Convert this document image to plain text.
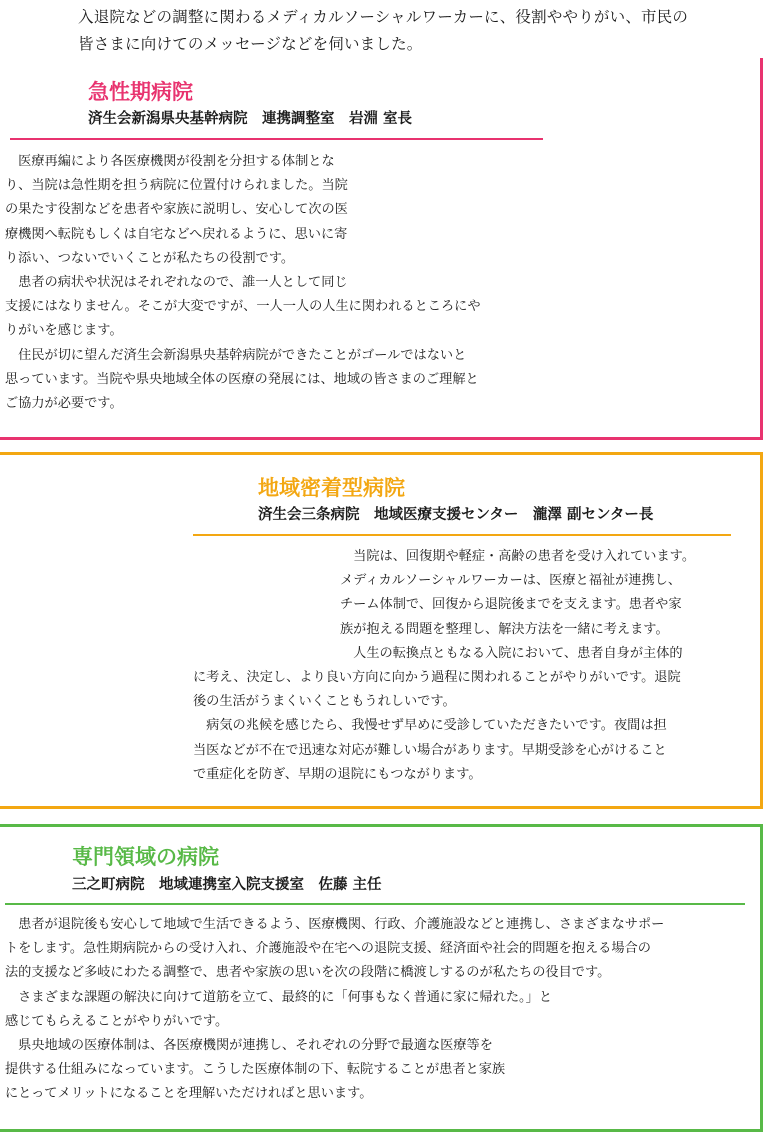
入退院などの調整に関わるメディカルソーシャルワーカーに、役割ややりがい、市民の
皆さまに向けてのメッセージなどを伺いました。
急性期病院
済生会新潟県央基幹病院　連携調整室　岩淵 室長
　医療再編により各医療機関が役割を分担する体制とな
り、当院は急性期を担う病院に位置付けられました。当院
の果たす役割などを患者や家族に説明し、安心して次の医
療機関へ転院もしくは自宅などへ戻れるように、思いに寄
り添い、つないでいくことが私たちの役割です。
　患者の病状や状況はそれぞれなので、誰一人として同じ
支援にはなりません。そこが大変ですが、一人一人の人生に関われるところにや
りがいを感じます。
　住民が切に望んだ済生会新潟県央基幹病院ができたことがゴールではないと
思っています。当院や県央地域全体の医療の発展には、地域の皆さまのご理解と
ご協力が必要です。
地域密着型病院
済生会三条病院　地域医療支援センター　瀧澤 副センター長
　当院は、回復期や軽症・高齢の患者を受け入れています。
メディカルソーシャルワーカーは、医療と福祉が連携し、
チーム体制で、回復から退院後までを支えます。患者や家
族が抱える問題を整理し、解決方法を一緒に考えます。
　人生の転換点ともなる入院において、患者自身が主体的
に考え、決定し、より良い方向に向かう過程に関われることがやりがいです。退院
後の生活がうまくいくこともうれしいです。
　病気の兆候を感じたら、我慢せず早めに受診していただきたいです。夜間は担
当医などが不在で迅速な対応が難しい場合があります。早期受診を心がけること
で重症化を防ぎ、早期の退院にもつながります。
専門領域の病院
三之町病院　地域連携室入院支援室　佐藤 主任
　患者が退院後も安心して地域で生活できるよう、医療機関、行政、介護施設などと連携し、さまざまなサポー
トをします。急性期病院からの受け入れ、介護施設や在宅への退院支援、経済面や社会的問題を抱える場合の
法的支援など多岐にわたる調整で、患者や家族の思いを次の段階に橋渡しするのが私たちの役目です。
　さまざまな課題の解決に向けて道筋を立て、最終的に「何事もなく普通に家に帰れた。」と
感じてもらえることがやりがいです。
　県央地域の医療体制は、各医療機関が連携し、それぞれの分野で最適な医療等を
提供する仕組みになっています。こうした医療体制の下、転院することが患者と家族
にとってメリットになることを理解いただければと思います。
